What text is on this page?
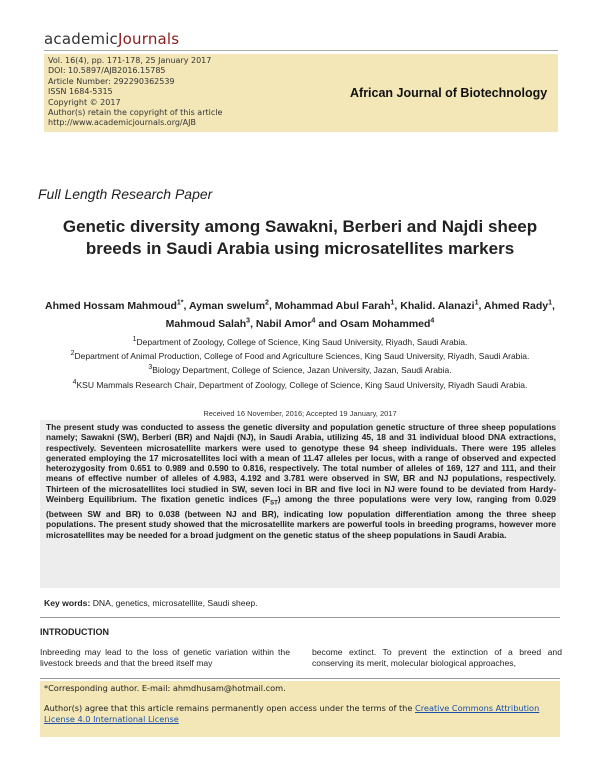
academicJournals
Vol. 16(4), pp. 171-178, 25 January 2017
DOI: 10.5897/AJB2016.15785
Article Number: 292290362539
ISSN 1684-5315
Copyright © 2017
Author(s) retain the copyright of this article
http://www.academicjournals.org/AJB
African Journal of Biotechnology
Full Length Research Paper
Genetic diversity among Sawakni, Berberi and Najdi sheep breeds in Saudi Arabia using microsatellites markers
Ahmed Hossam Mahmoud$^{1*}$, Ayman swelum$^2$, Mohammad Abul Farah$^1$, Khalid. Alanazi$^1$, Ahmed Rady$^1$, Mahmoud Salah$^3$, Nabil Amor$^4$ and Osam Mohammed$^4$
$^1$Department of Zoology, College of Science, King Saud University, Riyadh, Saudi Arabia.
$^2$Department of Animal Production, College of Food and Agriculture Sciences, King Saud University, Riyadh, Saudi Arabia.
$^3$Biology Department, College of Science, Jazan University, Jazan, Saudi Arabia.
$^4$KSU Mammals Research Chair, Department of Zoology, College of Science, King Saud University, Riyadh Saudi Arabia.
Received 16 November, 2016; Accepted 19 January, 2017
The present study was conducted to assess the genetic diversity and population genetic structure of three sheep populations namely; Sawakni (SW), Berberi (BR) and Najdi (NJ), in Saudi Arabia, utilizing 45, 18 and 31 individual blood DNA extractions, respectively. Seventeen microsatellite markers were used to genotype these 94 sheep individuals. There were 195 alleles generated employing the 17 microsatellites loci with a mean of 11.47 alleles per locus, with a range of observed and expected heterozygosity from 0.651 to 0.989 and 0.590 to 0.816, respectively. The total number of alleles of 169, 127 and 111, and their means of effective number of alleles of 4.983, 4.192 and 3.781 were observed in SW, BR and NJ populations, respectively. Thirteen of the microsatellites loci studied in SW, seven loci in BR and five loci in NJ were found to be deviated from Hardy-Weinberg Equilibrium. The fixation genetic indices $(F_{ST})$ among the three populations were very low, ranging from 0.029 (between SW and BR) to 0.038 (between NJ and BR), indicating low population differentiation among the three sheep populations. The present study showed that the microsatellite markers are powerful tools in breeding programs, however more microsatellites may be needed for a broad judgment on the genetic status of the sheep populations in Saudi Arabia.
Key words: DNA, genetics, microsatellite, Saudi sheep.
INTRODUCTION
Inbreeding may lead to the loss of genetic variation within the livestock breeds and that the breed itself may
become extinct. To prevent the extinction of a breed and conserving its merit, molecular biological approaches,
*Corresponding author. E-mail: ahmdhusam@hotmail.com.
Author(s) agree that this article remains permanently open access under the terms of the Creative Commons Attribution License 4.0 International License
